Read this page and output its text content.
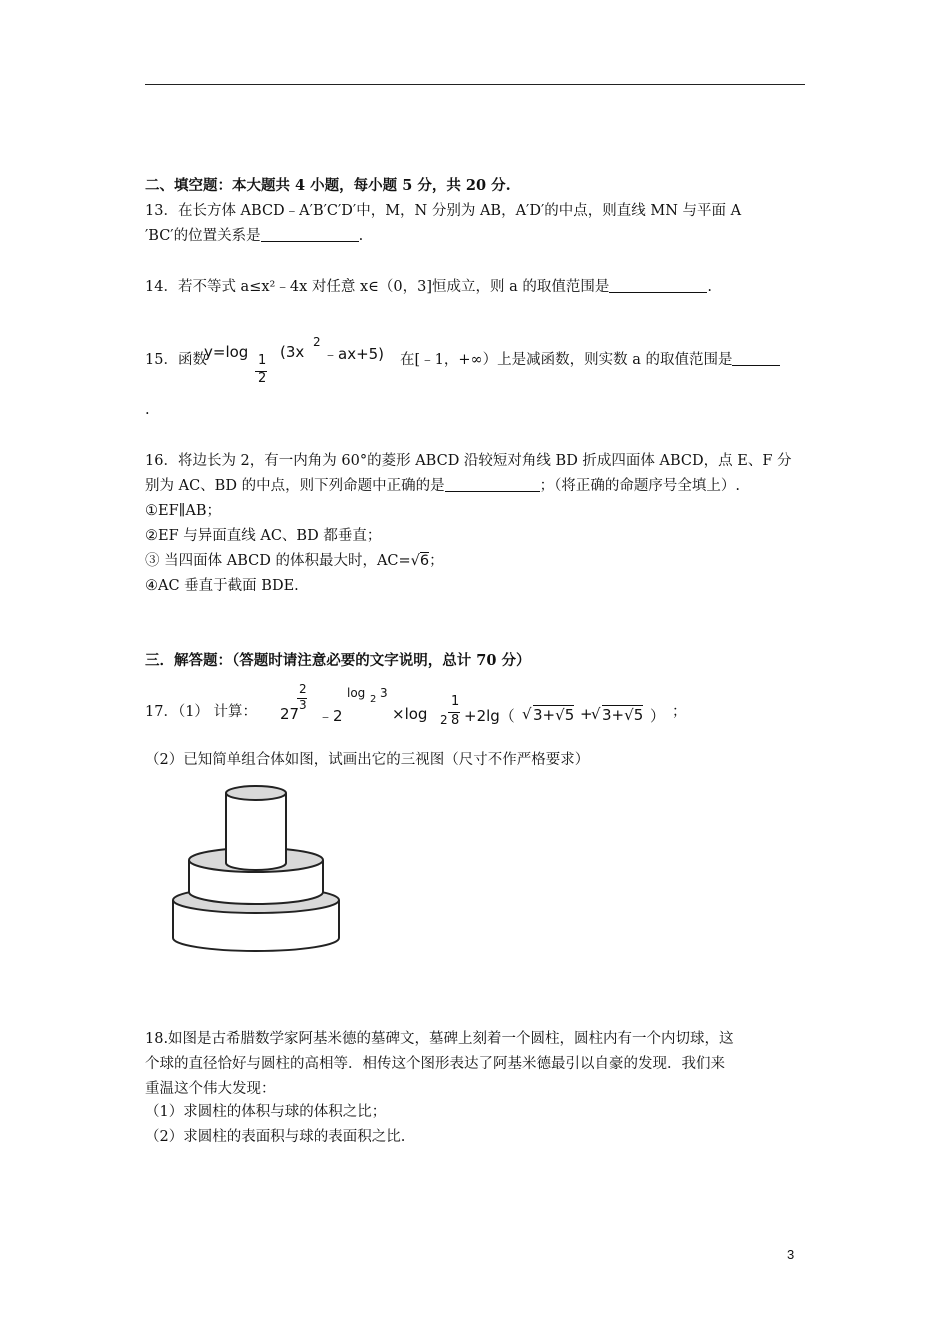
二、填空题：本大题共 4 小题，每小题 5 分，共 20 分.
13．在长方体 ABCD﹣A′B′C′D′中，M，N 分别为 AB，A′D′的中点，则直线 MN 与平面 A
′BC′的位置关系是	.
14．若不等式 a≤x²﹣4x 对任意 x∈（0，3]恒成立，则 a 的取值范围是	.
15．函数
y=log 1
2
(3x
2
﹣ax+5) 在[﹣1，+∞）上是减函数，则实数 a 的取值范围是
.
16．将边长为 2，有一内角为 60°的菱形 ABCD 沿较短对角线 BD 折成四面体 ABCD，点 E、F 分
别为 AC、BD 的中点，则下列命题中正确的是	；（将正确的命题序号全填上）.
①EF∥AB；
②EF 与异面直线 AC、BD 都垂直；
③ 当四面体 ABCD 的体积最大时，AC=√6；
④AC 垂直于截面 BDE.
三．解答题：（答题时请注意必要的文字说明，总计 70 分）
17．（1） 计算： 27
2
3
﹣2
log 2 3
×log 2
1
8 +2lg（ √ 3+√5 +
√ 3+√5 ） ；
（2）已知简单组合体如图，试画出它的三视图（尺寸不作严格要求）
18.如图是古希腊数学家阿基米德的墓碑文，墓碑上刻着一个圆柱，圆柱内有一个内切球，这
个球的直径恰好与圆柱的高相等．相传这个图形表达了阿基米德最引以自豪的发现．我们来
重温这个伟大发现：
（1）求圆柱的体积与球的体积之比；
（2）求圆柱的表面积与球的表面积之比.
3
